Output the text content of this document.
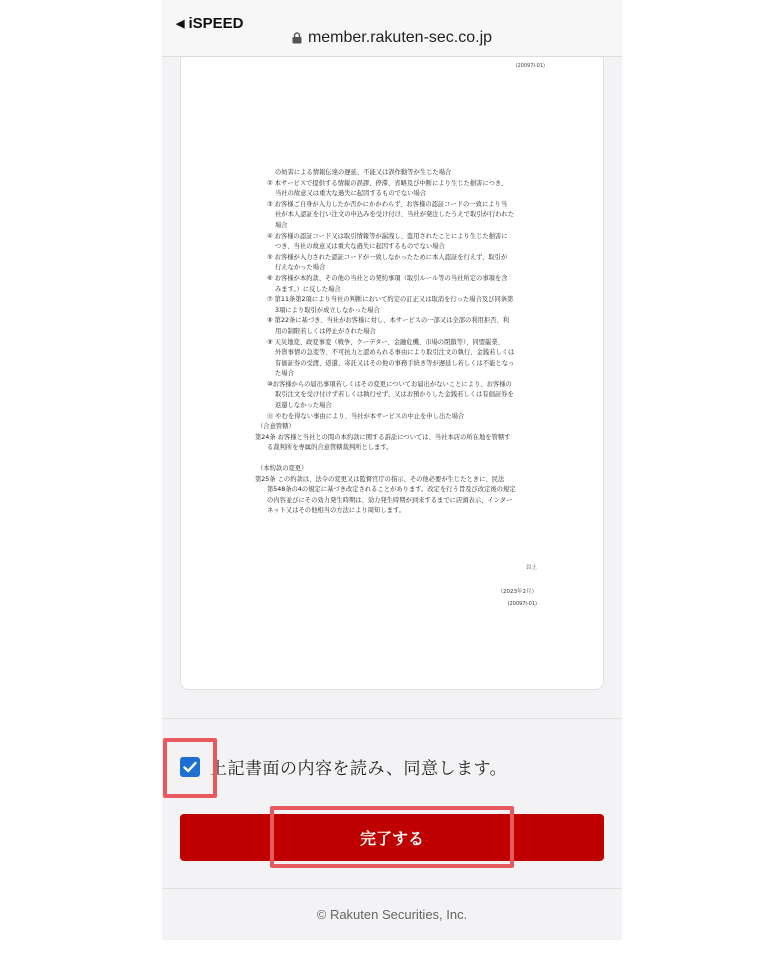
◀ iSPEED
member.rakuten-sec.co.jp
(20097I-01)
の妨害による情報伝達の遅延、不能又は誤作動等が生じた場合
② 本サービスで提供する情報の誤謬、停滞、省略及び中断により生じた損害につき、
当社の故意又は重大な過失に起因するものでない場合
③ お客様ご自身が入力したか否かにかかわらず、お客様の認証コードの一致により当
社が本人認証を行い注文の申込みを受け付け、当社が発注したうえで取引が行われた
場合
④ お客様の認証コード又は取引情報等が漏洩し、盗用されたことにより生じた損害に
つき、当社の故意又は重大な過失に起因するものでない場合
⑤ お客様が入力された認証コードが一致しなかったために本人認証を行えず、取引が
行えなかった場合
⑥ お客様が本約款、その他の当社との契約事項（取引ルール等の当社所定の事項を含
みます。）に反した場合
⑦ 第11条第2項により当社の判断において約定の訂正又は取消を行った場合及び同条第
3項により取引が成立しなかった場合
⑧ 第22条に基づき、当社がお客様に対し、本サービスの一部又は全部の利用拒否、利
用の制限若しくは停止がされた場合
⑨ 天災地変、政変事変（戦争、クーデター、金融危機、市場の閉鎖等）、同盟罷業、
外貨事情の急変等、不可抗力と認められる事由により取引注文の執行、金銭若しくは
有価証券の受渡、返還、寄託又はその他の事務手続き等が遅延し若しくは不能となっ
た場合
⑩お客様からの届出事項若しくはその変更についてお届出がないことにより、お客様の
取引注文を受け付けず若しくは執行せず、又はお預かりした金銭若しくは有価証券を
返還しなかった場合
⑪ やむを得ない事由により、当社が本サービスの中止を申し出た場合
（合意管轄）
第24条 お客様と当社との間の本約款に関する訴訟については、当社本店の所在地を管轄す
る裁判所を専属的合意管轄裁判所とします。
（本約款の変更）
第25条 この約款は、法令の変更又は監督官庁の指示、その他必要が生じたときに、民法
第548条の4の規定に基づき改定されることがあります。改定を行う旨及び改定後の規定
の内容並びにその効力発生時期は、効力発生時期が到来するまでに店頭表示、インター
ネット又はその他相当の方法により周知します。
以上
（2023年2月）
(20097I-01)
上記書面の内容を読み、同意します。
完了する
© Rakuten Securities, Inc.
